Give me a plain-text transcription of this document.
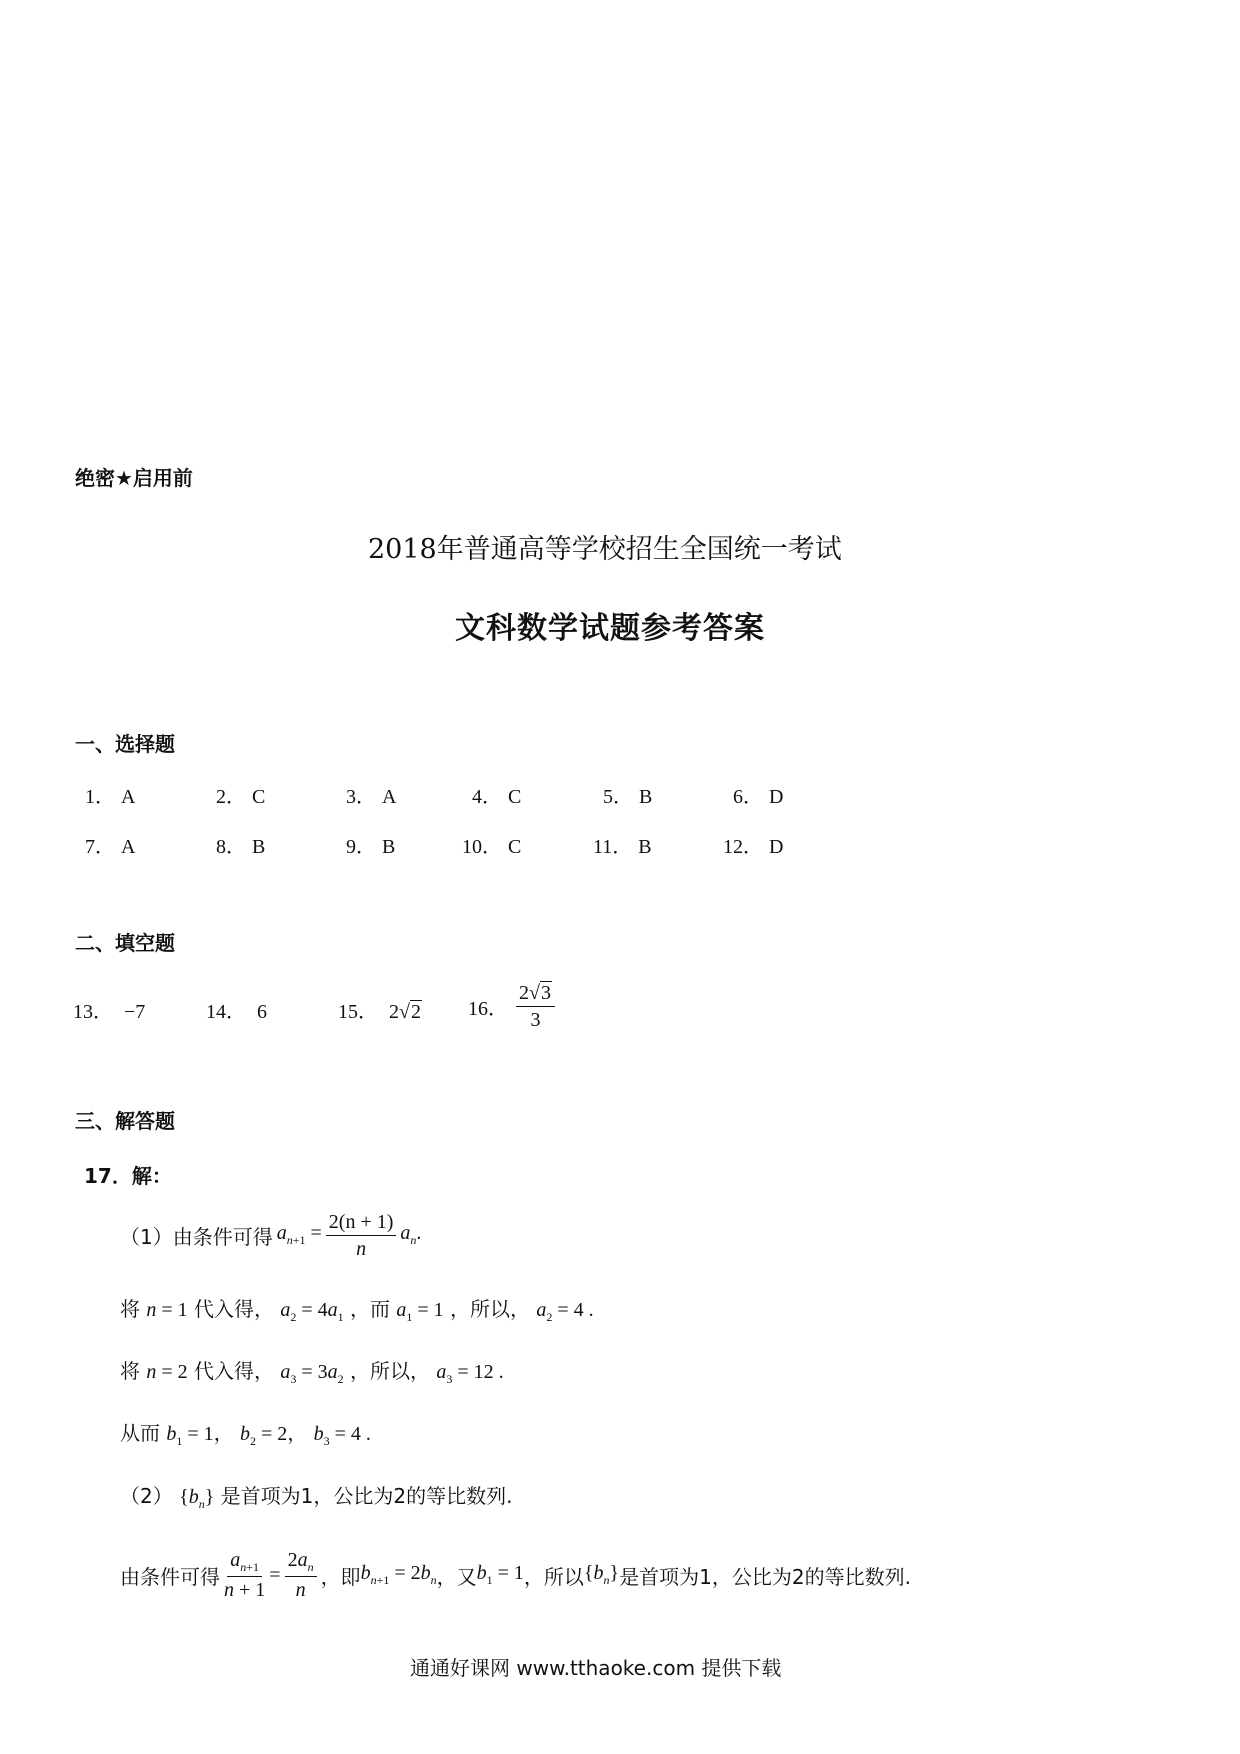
绝密★启用前
2018年普通高等学校招生全国统一考试
文科数学试题参考答案
一、选择题
1． A	2． C	3． A	4． C	5． B	6． D
7． A	8． B	9． B	10． C	11． B	12． D
二、填空题
13． −7	14． 6	15． 2√2 16． $\frac{2√3}{3}$
三、解答题
17．解：
（1）由条件可得 $a_{n+1} = \frac{2(n + 1)}{n} a_n$.
将 n = 1 代入得， $a_2 = 4a_1$ ，而 $a_1 = 1$ ，所以， $a_2 = 4$ .
将 n = 2 代入得， $a_3 = 3a_2$ ，所以， $a_3 = 12$ .
从而 $b_1 = 1$， $b_2 = 2$， $b_3 = 4$ .
（2） $\{b_n\}$ 是首项为1，公比为2的等比数列.
由条件可得 $\frac{a_{n+1}}{n + 1} = \frac{2a_n}{n}$ ，即 $b_{n+1} = 2b_n$ ，又 $b_1 = 1$ ，所以 $\{b_n\}$ 是首项为1，公比为2的等比数列.
通通好课网 www.tthaoke.com 提供下载
